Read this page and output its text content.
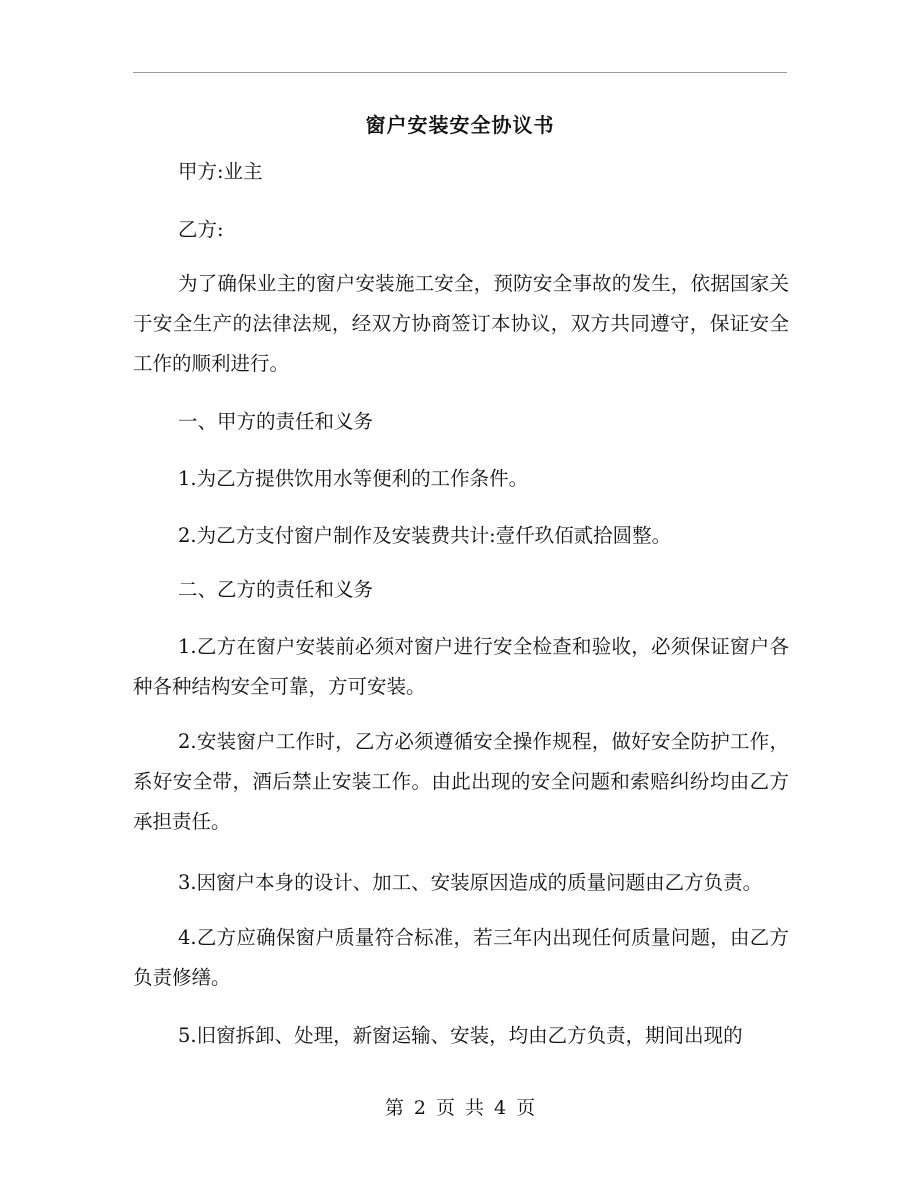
窗户安装安全协议书
甲方:业主
乙方:
为了确保业主的窗户安装施工安全，预防安全事故的发生，依据国家关于安全生产的法律法规，经双方协商签订本协议，双方共同遵守，保证安全工作的顺利进行。
一、甲方的责任和义务
1.为乙方提供饮用水等便利的工作条件。
2.为乙方支付窗户制作及安装费共计:壹仟玖佰贰拾圆整。
二、乙方的责任和义务
1.乙方在窗户安装前必须对窗户进行安全检查和验收，必须保证窗户各种各种结构安全可靠，方可安装。
2.安装窗户工作时，乙方必须遵循安全操作规程，做好安全防护工作，系好安全带，酒后禁止安装工作。由此出现的安全问题和索赔纠纷均由乙方承担责任。
3.因窗户本身的设计、加工、安装原因造成的质量问题由乙方负责。
4.乙方应确保窗户质量符合标准，若三年内出现任何质量问题，由乙方负责修缮。
5.旧窗拆卸、处理，新窗运输、安装，均由乙方负责，期间出现的
第 2 页 共 4 页
